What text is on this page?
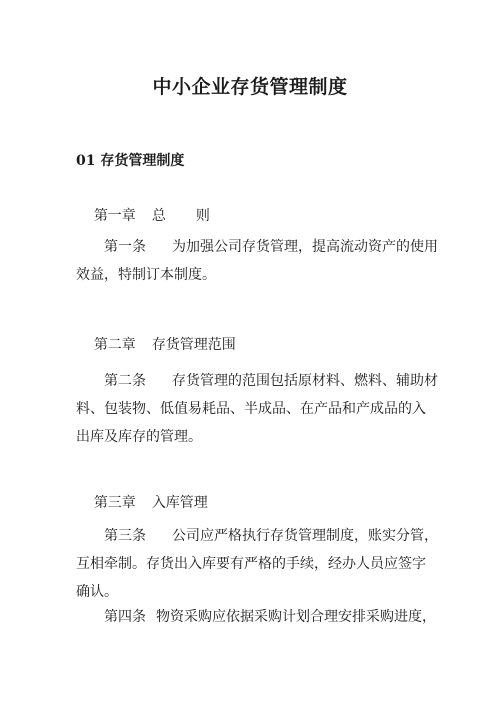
中小企业存货管理制度
01 存货管理制度

第一章 总 则

第一条 为加强公司存货管理，提高流动资产的使用
效益，特制订本制度。

第二章 存货管理范围

第二条 存货管理的范围包括原材料、燃料、辅助材
料、包装物、低值易耗品、半成品、在产品和产成品的入
出库及库存的管理。

第三章 入库管理

第三条 公司应严格执行存货管理制度，账实分管，
互相牵制。存货出入库要有严格的手续，经办人员应签字
确认。
第四条 物资采购应依据采购计划合理安排采购进度，
